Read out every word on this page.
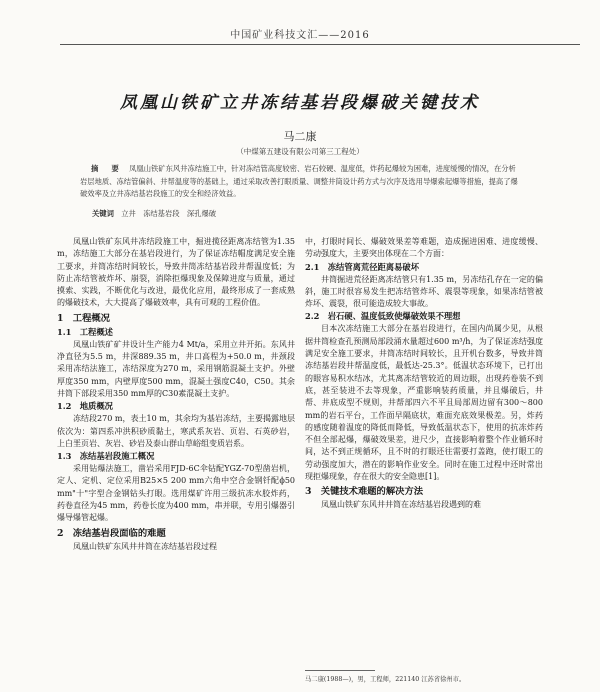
中国矿业科技文汇——2016
凤凰山铁矿立井冻结基岩段爆破关键技术
马二康
（中煤第五建设有限公司第三工程处）
摘　要　 凤凰山铁矿东风井冻结施工中，针对冻结管高度较密、岩石较硬、温度低，炸药起爆较为困难，进度缓慢的情况，在分析岩层地质、冻结管偏斜、井帮温度等的基础上，通过采取改善打眼质量、调整井筒设计药方式与次序及选用导爆索起爆等措施，提高了爆破效率及立井冻结基岩段施工的安全和经济效益。
关键词　 立井　冻结基岩段　深孔爆破

凤凰山铁矿东风井冻结段施工中，掘进揽径距离冻结管为1.35 m，冻结施工大部分在基岩段进行，为了保证冻结帽度满足安全施工要求，并筒冻结时间较长，导致井筒冻结基岩段井帮温度低；为防止冻结管被炸坏、崩裂，消除拒爆现象及保障进度与质量，通过摸索、实践，不断优化与改进，最优化应用，最终形成了一套成熟的爆破技术，大大提高了爆破效率，具有可观的工程价值。

1　工程概况
1.1　工程概述

凤凰山铁矿矿井设计生产能力4 Mt/a，采用立井开拓。东风井净直径为5.5 m，井深889.35 m，井口高程为+50.0 m，井颈段采用冻结法施工，冻结深度为270 m，采用钢筋混凝土支护。外壁厚度350 mm，内壁厚度500 mm，混凝土强度C40，C50。其余井筒下部段采用350 mm厚的C30素混凝土支护。

1.2　地质概况

冻结段270 m，表土10 m，其余均为基岩冻结，主要揭露地层依次为：第四系冲洪积砂质黏土，寒武系灰岩、页岩、石英砂岩，上白垩页岩、灰岩、砂岩及泰山群山草峪组变质岩系。

1.3　冻结基岩段施工概况

采用钻爆法施工，凿岩采用FJD-6C伞钻配YGZ-70型凿岩机，定人、定机、定位采用B25×5 200 mm六角中空合金钢钎配ϕ50 mm"十"字型合金钢钻头打眼。选用煤矿许用三级抗冻水胶炸药，药卷直径为45 mm，药卷长度为400 mm，串并联，专用引爆器引爆导爆管起爆。

2　冻结基岩段面临的难题

凤凰山铁矿东风井井筒在冻结基岩段过程

中，打眼时间长、爆破效果差等难题，造成掘进困难、进度缓慢、劳动强度大，主要突出体现在二个方面：

2.1　冻结管离荒径距离易破坏

井筒掘进荒径距离冻结管只有1.35 m，另冻结孔存在一定的偏斜，施工时很容易发生把冻结管炸坏、震裂等现象，如果冻结管被炸坏、震裂，很可能造成较大事故。

2.2　岩石硬、温度低致使爆破效果不理想

目本次冻结施工大部分在基岩段进行，在国内尚属少见，从根据井筒检查孔预测局部段涌水量超过600 m³/h，为了保证冻结强度满足安全施工要求，井筒冻结时间较长，且开机台数多，导致井筒冻结基岩段井帮温度低，最低达-25.3°。低温状态环境下，已打出的眼容易积水结冰，尤其离冻结管较近的周边眼，出现药卷装不到底，甚至装进不去等现象，严重影响装药质量，并且爆破后，井帮、井底成型不规则，井帮部四六不平且局部周边留有300～800 mm的岩石平台，工作面早隔底状，难面充底效果极差。另，炸药的感度随着温度的降低而降低，导致低温状态下，使用的抗冻炸药不但全部起爆，爆破效果差，进尺少，直接影响着整个作业循环时间，达不到正规循环，且不时的打眼还往需要打盖跑，使打眼工的劳动强度加大，潜在的影响作业安全。同时在施工过程中还时常出现拒爆现象，存在很大的安全隐患[1]。

3　关键技术难题的解决方法

凤凰山铁矿东风井井筒在冻结基岩段遇到的难

马二康(1988—)，男，工程师，221140 江苏省徐州市。
